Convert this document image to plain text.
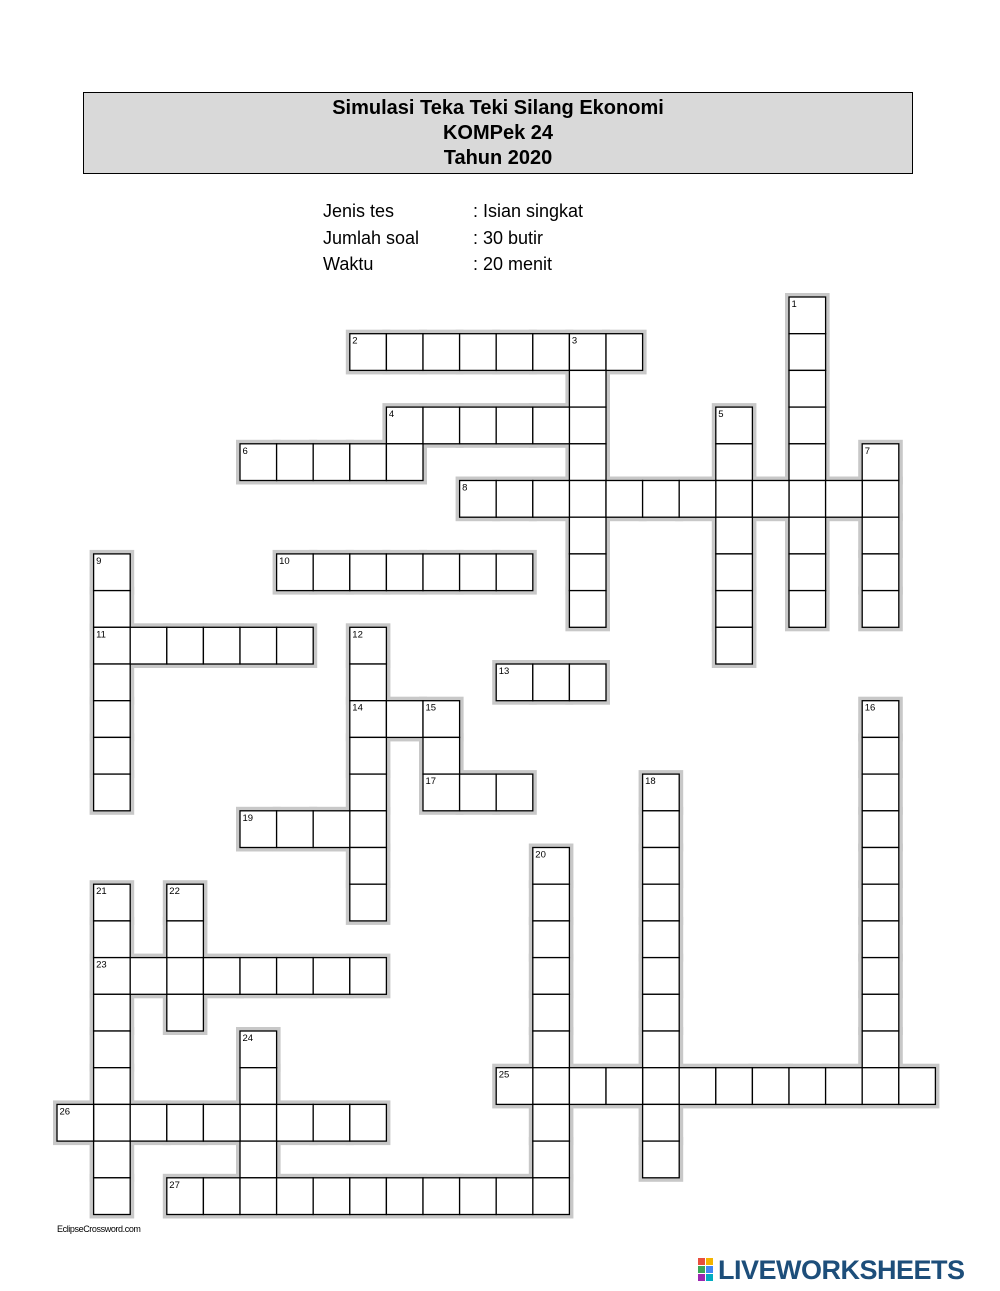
Simulasi Teka Teki Silang Ekonomi
KOMPek 24
Tahun 2020
Jenis tes	: Isian singkat
Jumlah soal	: 30 butir
Waktu	: 20 menit
1
2	3
4	5
6	7
8
9	10
11	12
13
14	15	16
17	18
19
20
21	22
23
24
25
26
27
EclipseCrossword.com
LIVEWORKSHEETS
